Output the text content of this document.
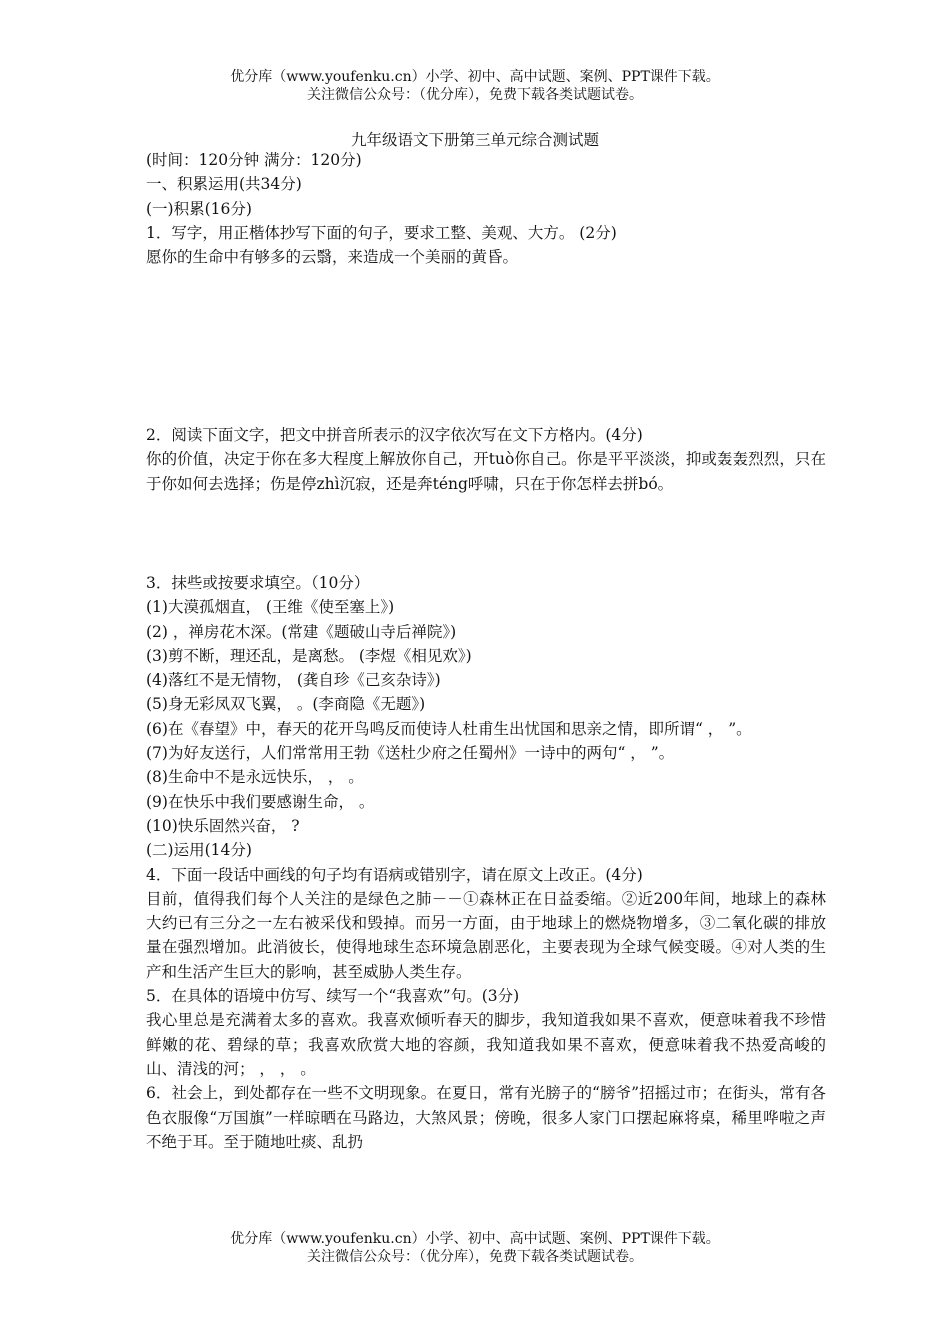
优分库（www.youfenku.cn）小学、初中、高中试题、案例、PPT课件下载。
关注微信公众号：（优分库），免费下载各类试题试卷。
九年级语文下册第三单元综合测试题

(时间：120分钟 满分：120分)

一、积累运用(共34分)

(一)积累(16分)

1．写字，用正楷体抄写下面的句子，要求工整、美观、大方。 (2分)

愿你的生命中有够多的云翳，来造成一个美丽的黄昏。

2．阅读下面文字，把文中拼音所表示的汉字依次写在文下方格内。(4分)

你的价值，决定于你在多大程度上解放你自己，开tuò你自己。你是平平淡淡，抑或轰轰烈烈，只在于你如何去选择；伤是停zhì沉寂，还是奔téng呼啸，只在于你怎样去拼bó。

3．抹些或按要求填空。（10分）

(1)大漠孤烟直， (王维《使至塞上》)

(2) ，禅房花木深。(常建《题破山寺后禅院》)

(3)剪不断，理还乱，是离愁。 (李煜《相见欢》)

(4)落红不是无情物， (龚自珍《己亥杂诗》)

(5)身无彩凤双飞翼， 。(李商隐《无题》)

(6)在《春望》中，春天的花开鸟鸣反而使诗人杜甫生出忧国和思亲之情，即所谓“ ， ”。

(7)为好友送行，人们常常用王勃《送杜少府之任蜀州》一诗中的两句“ ， ”。

(8)生命中不是永远快乐， ， 。

(9)在快乐中我们要感谢生命， 。

(10)快乐固然兴奋， ?

(二)运用(14分)

4．下面一段话中画线的句子均有语病或错别字，请在原文上改正。(4分)

目前，值得我们每个人关注的是绿色之肺－－①森林正在日益委缩。②近200年间，地球上的森林大约已有三分之一左右被采伐和毁掉。而另一方面，由于地球上的燃烧物增多，③二氧化碳的排放量在强烈增加。此消彼长，使得地球生态环境急剧恶化，主要表现为全球气候变暖。④对人类的生产和生活产生巨大的影响，甚至威胁人类生存。

5．在具体的语境中仿写、续写一个“我喜欢”句。(3分)

我心里总是充满着太多的喜欢。我喜欢倾听春天的脚步，我知道我如果不喜欢，便意味着我不珍惜鲜嫩的花、碧绿的草；我喜欢欣赏大地的容颜，我知道我如果不喜欢，便意味着我不热爱高峻的山、清浅的河； ， ， 。

6．社会上，到处都存在一些不文明现象。在夏日，常有光膀子的“膀爷”招摇过市；在街头，常有各色衣服像“万国旗”一样晾晒在马路边，大煞风景；傍晚，很多人家门口摆起麻将桌，稀里哗啦之声不绝于耳。至于随地吐痰、乱扔

优分库（www.youfenku.cn）小学、初中、高中试题、案例、PPT课件下载。
关注微信公众号：（优分库），免费下载各类试题试卷。
